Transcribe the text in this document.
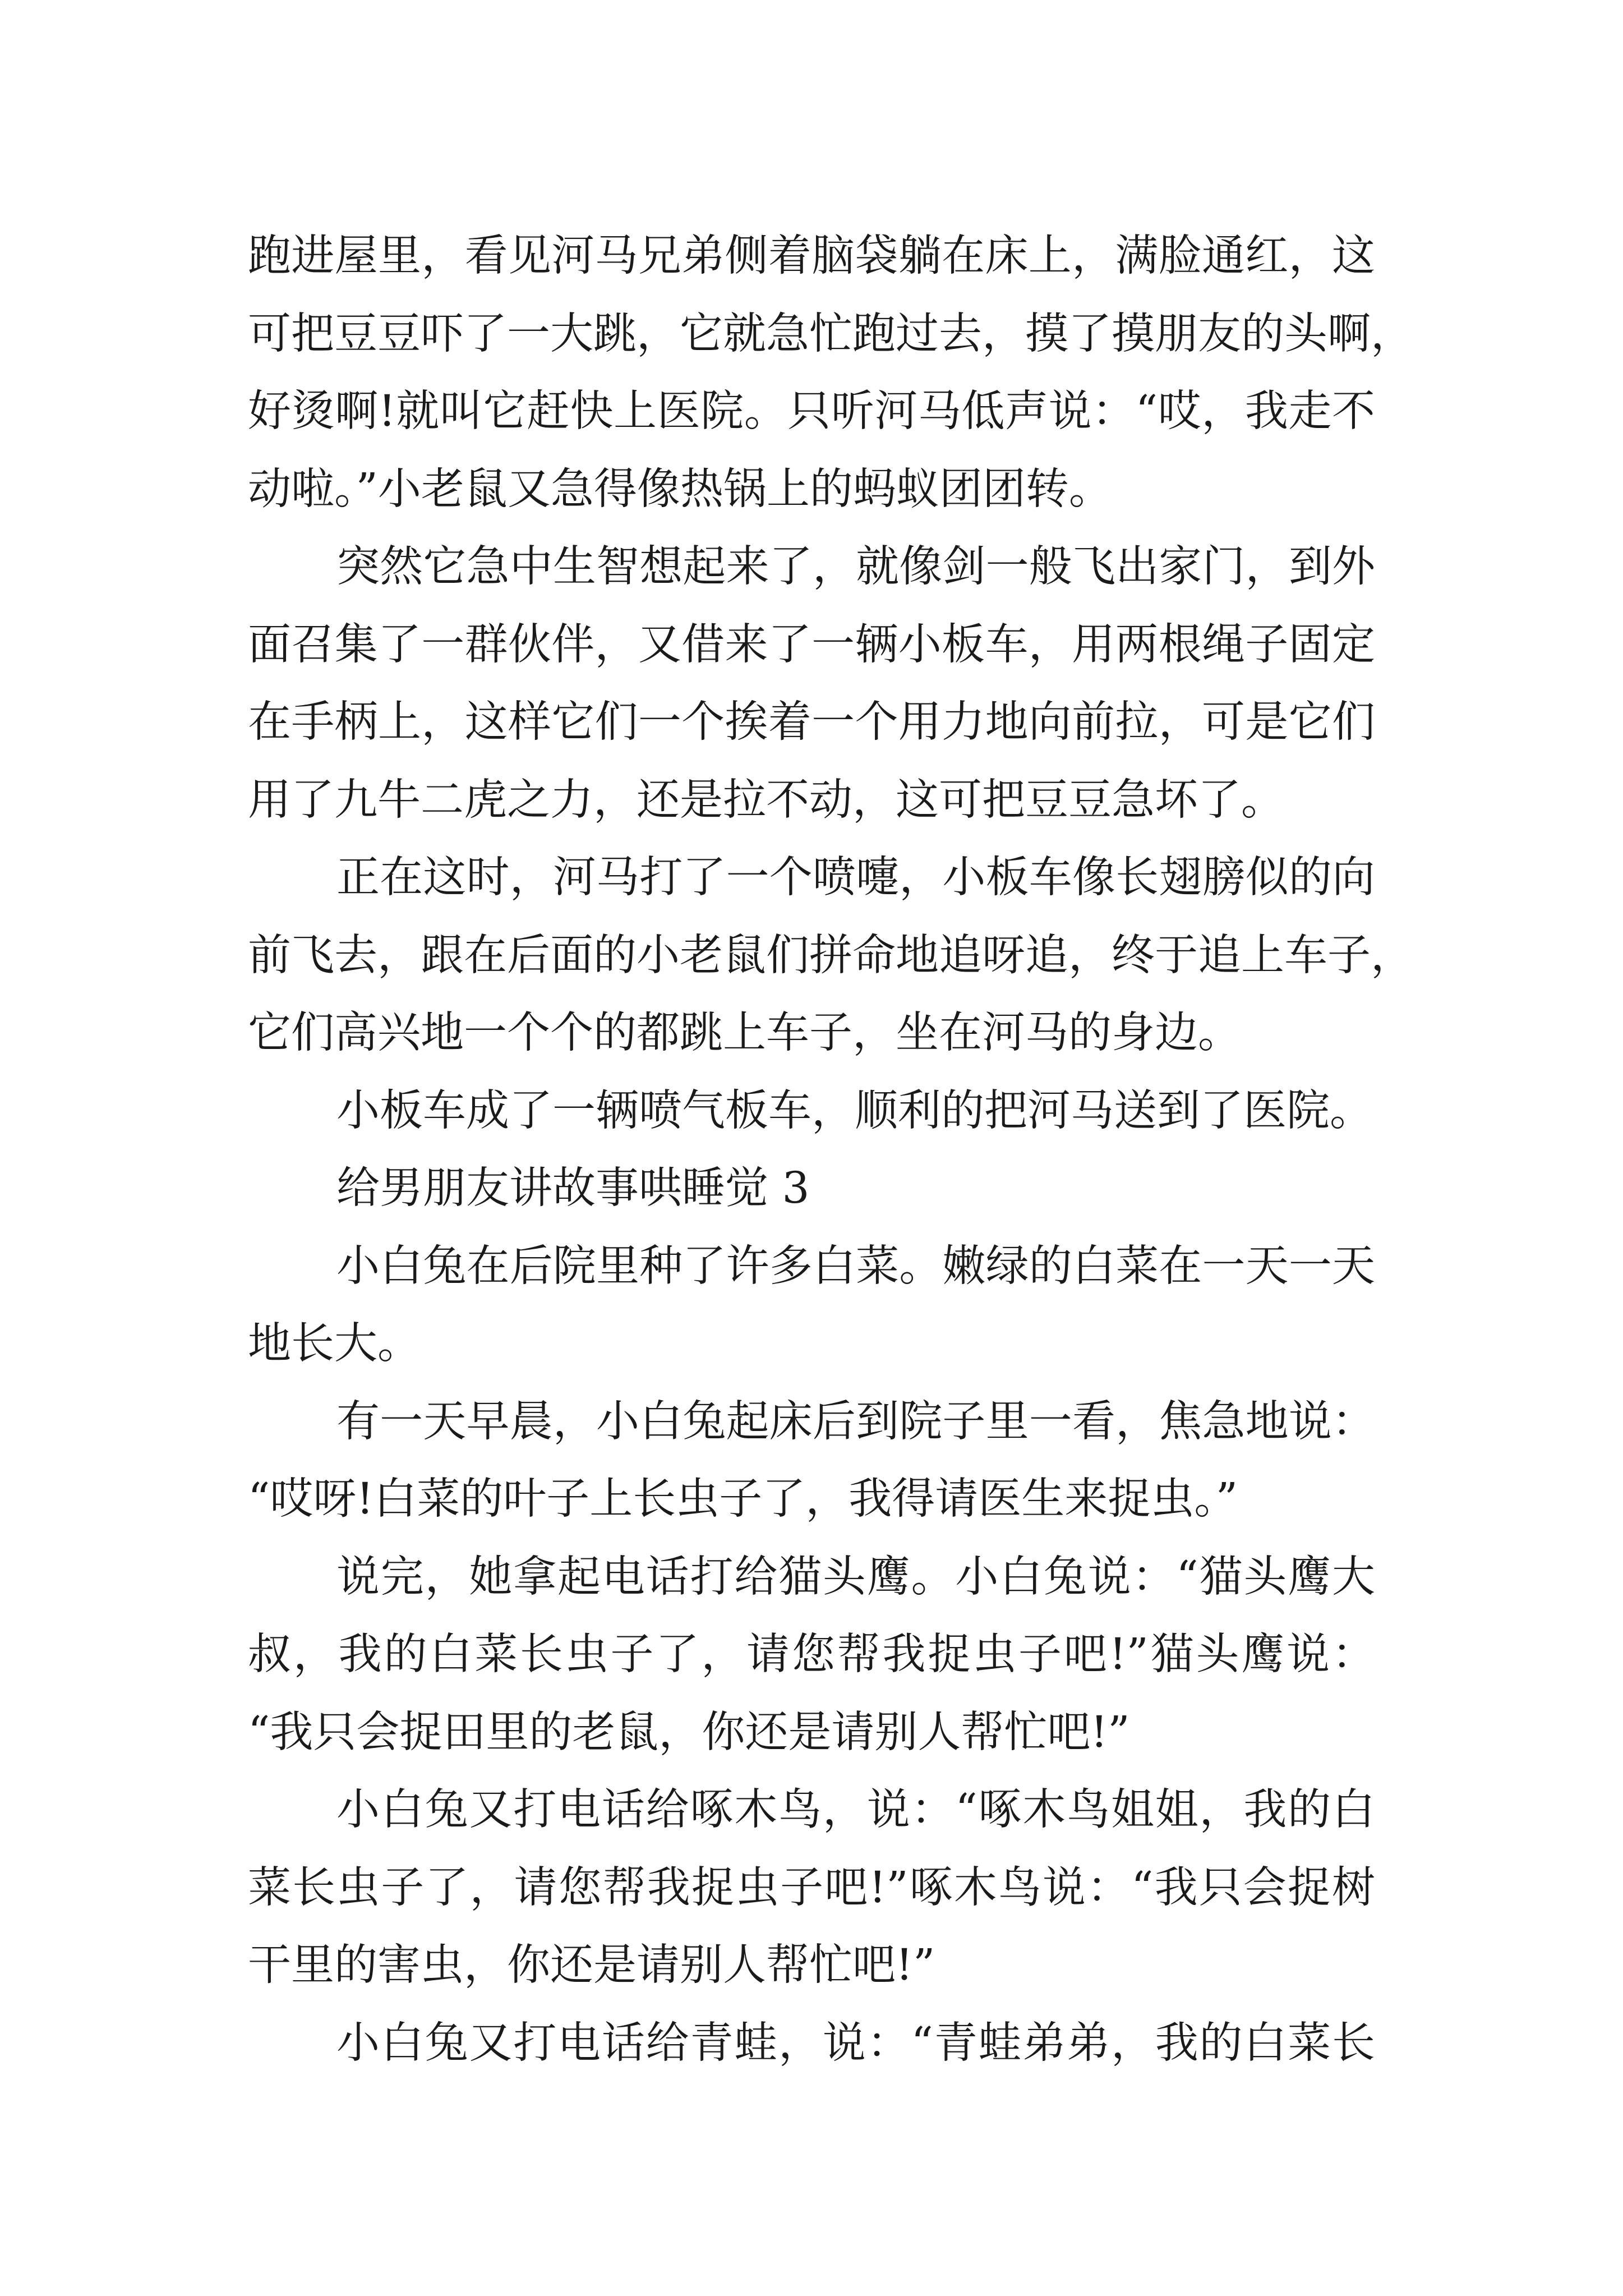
跑进屋里，看见河马兄弟侧着脑袋躺在床上，满脸通红，这
可把豆豆吓了一大跳，它就急忙跑过去，摸了摸朋友的头啊，
好烫啊!就叫它赶快上医院。只听河马低声说：“哎，我走不
动啦。”小老鼠又急得像热锅上的蚂蚁团团转。
突然它急中生智想起来了，就像剑一般飞出家门，到外
面召集了一群伙伴，又借来了一辆小板车，用两根绳子固定
在手柄上，这样它们一个挨着一个用力地向前拉，可是它们
用了九牛二虎之力，还是拉不动，这可把豆豆急坏了。
正在这时，河马打了一个喷嚏，小板车像长翅膀似的向
前飞去，跟在后面的小老鼠们拼命地追呀追，终于追上车子，
它们高兴地一个个的都跳上车子，坐在河马的身边。
小板车成了一辆喷气板车，顺利的把河马送到了医院。
给男朋友讲故事哄睡觉 3
小白兔在后院里种了许多白菜。嫩绿的白菜在一天一天
地长大。
有一天早晨，小白兔起床后到院子里一看，焦急地说：
“哎呀!白菜的叶子上长虫子了，我得请医生来捉虫。”
说完，她拿起电话打给猫头鹰。小白兔说：“猫头鹰大
叔，我的白菜长虫子了，请您帮我捉虫子吧!”猫头鹰说：
“我只会捉田里的老鼠，你还是请别人帮忙吧!”
小白兔又打电话给啄木鸟，说：“啄木鸟姐姐，我的白
菜长虫子了，请您帮我捉虫子吧!”啄木鸟说：“我只会捉树
干里的害虫，你还是请别人帮忙吧!”
小白兔又打电话给青蛙，说：“青蛙弟弟，我的白菜长
